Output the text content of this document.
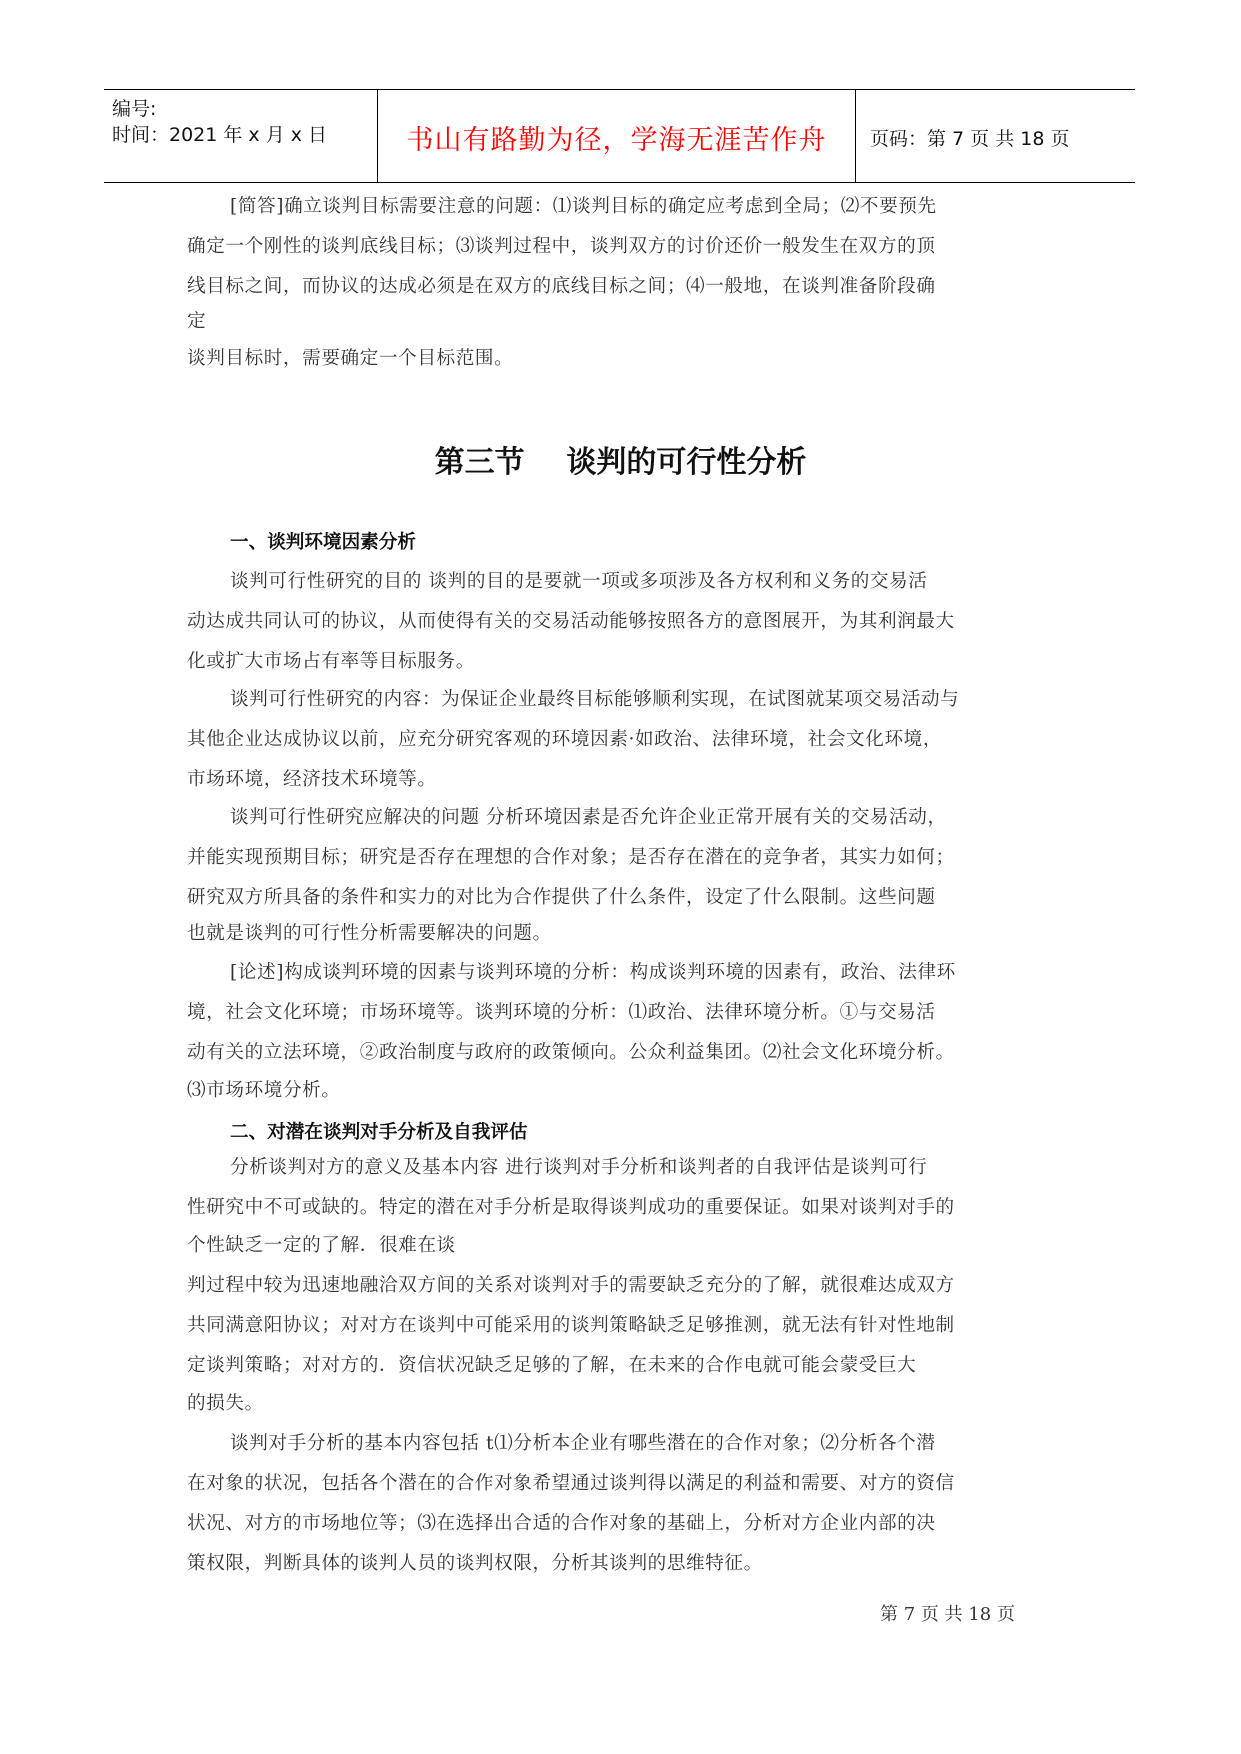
编号:
时间：2021 年 x 月 x 日	书山有路勤为径，学海无涯苦作舟	页码：第 7 页 共 18 页
[简答]确立谈判目标需要注意的问题：⑴谈判目标的确定应考虑到全局；⑵不要预先
确定一个刚性的谈判底线目标；⑶谈判过程中，谈判双方的讨价还价一般发生在双方的顶
线目标之间，而协议的达成必须是在双方的底线目标之间；⑷一般地，在谈判准备阶段确
定
谈判目标时，需要确定一个目标范围。
第三节    谈判的可行性分析
一、谈判环境因素分析
谈判可行性研究的目的 谈判的目的是要就一项或多项涉及各方权利和义务的交易活
动达成共同认可的协议，从而使得有关的交易活动能够按照各方的意图展开，为其利润最大
化或扩大市场占有率等目标服务。
谈判可行性研究的内容：为保证企业最终目标能够顺利实现，在试图就某项交易活动与
其他企业达成协议以前，应充分研究客观的环境因素·如政治、法律环境，社会文化环境，
市场环境，经济技术环境等。
谈判可行性研究应解决的问题 分析环境因素是否允许企业正常开展有关的交易活动，
并能实现预期目标；研究是否存在理想的合作对象；是否存在潜在的竞争者，其实力如何；
研究双方所具备的条件和实力的对比为合作提供了什么条件，设定了什么限制。这些问题
也就是谈判的可行性分析需要解决的问题。
[论述]构成谈判环境的因素与谈判环境的分析：构成谈判环境的因素有，政治、法律环
境，社会文化环境；市场环境等。谈判环境的分析：⑴政治、法律环境分析。①与交易活
动有关的立法环境，②政治制度与政府的政策倾向。公众利益集团。⑵社会文化环境分析。
⑶市场环境分析。
二、对潜在谈判对手分析及自我评估
分析谈判对方的意义及基本内容 进行谈判对手分析和谈判者的自我评估是谈判可行
性研究中不可或缺的。特定的潜在对手分析是取得谈判成功的重要保证。如果对谈判对手的
个性缺乏一定的了解．很难在谈
判过程中较为迅速地融洽双方间的关系对谈判对手的需要缺乏充分的了解，就很难达成双方
共同满意阳协议；对对方在谈判中可能采用的谈判策略缺乏足够推测，就无法有针对性地制
定谈判策略；对对方的．资信状况缺乏足够的了解，在未来的合作电就可能会蒙受巨大
的损失。
谈判对手分析的基本内容包括 t⑴分析本企业有哪些潜在的合作对象；⑵分析各个潜
在对象的状况，包括各个潜在的合作对象希望通过谈判得以满足的利益和需要、对方的资信
状况、对方的市场地位等；⑶在选择出合适的合作对象的基础上，分析对方企业内部的决
策权限，判断具体的谈判人员的谈判权限，分析其谈判的思维特征。
第 7 页 共 18 页
